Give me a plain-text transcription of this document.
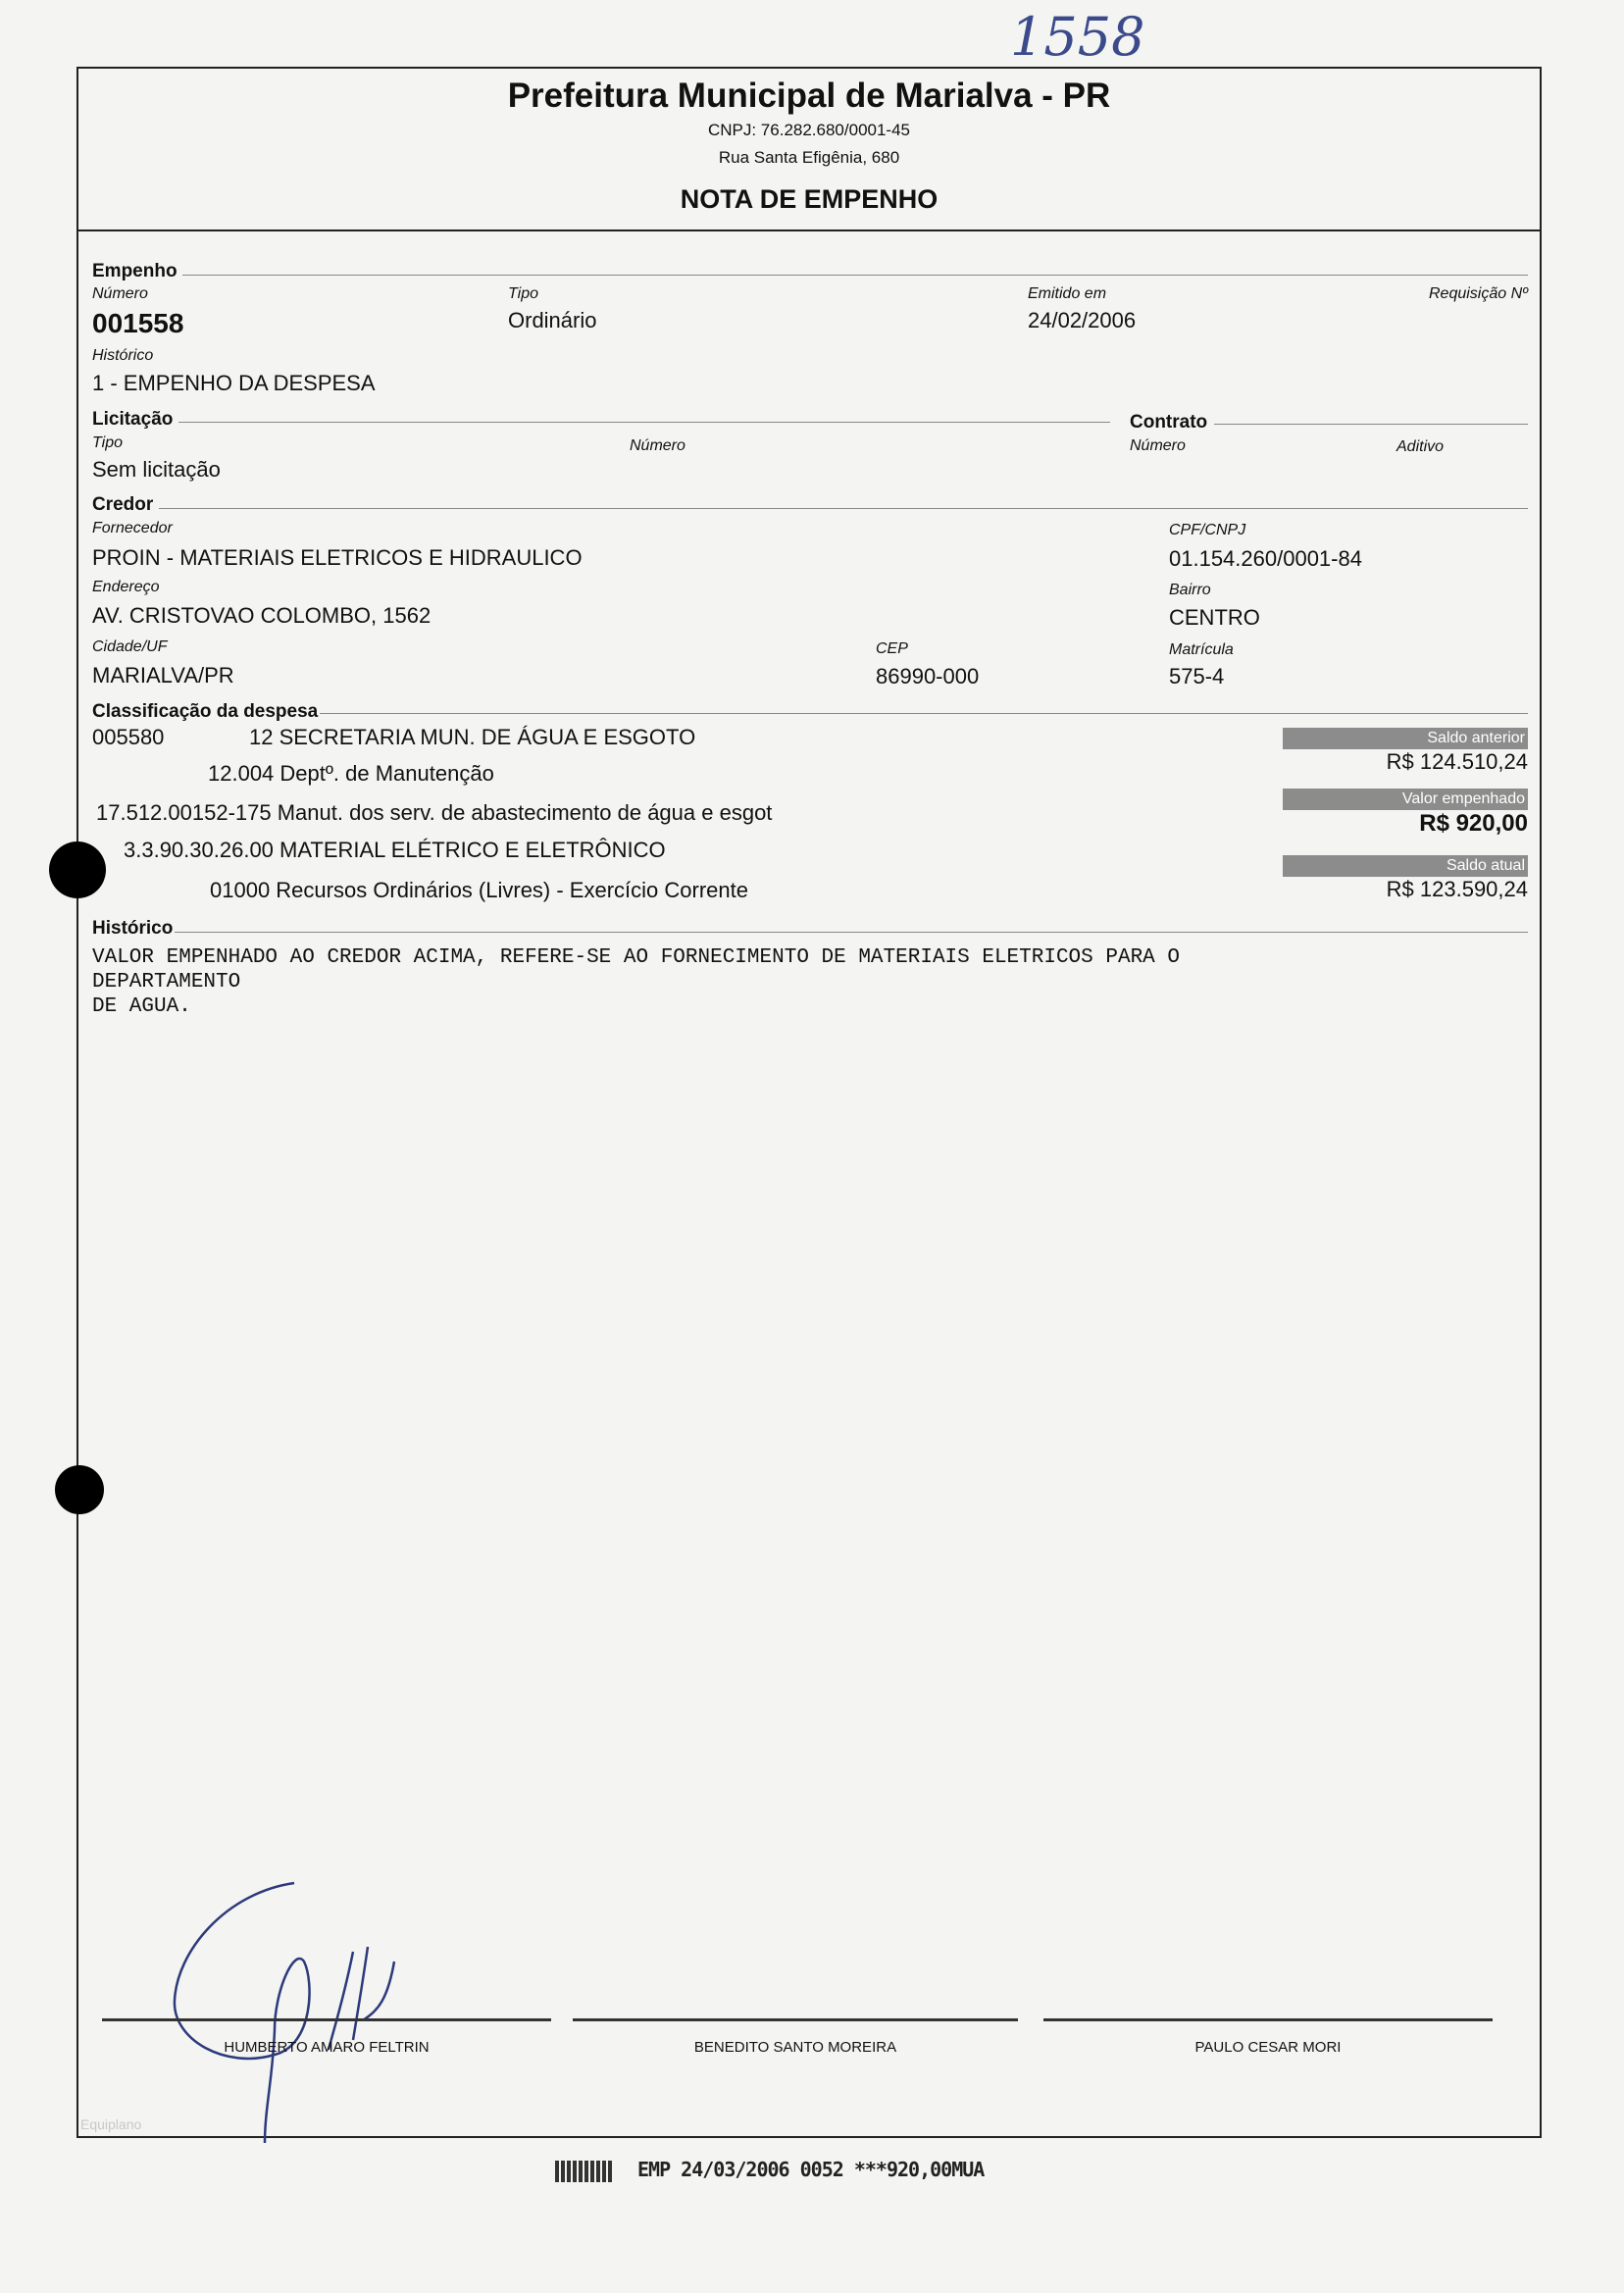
1558
Prefeitura Municipal de Marialva - PR
CNPJ: 76.282.680/0001-45
Rua Santa Efigênia, 680
NOTA DE EMPENHO
Empenho
Número
001558
Tipo
Ordinário
Emitido em
24/02/2006
Requisição Nº
Histórico
1 - EMPENHO DA DESPESA
Licitação	Contrato
Tipo
Sem licitação
Número	Número	Aditivo
Credor
Fornecedor
PROIN - MATERIAIS ELETRICOS E HIDRAULICO
CPF/CNPJ
01.154.260/0001-84
Endereço
AV. CRISTOVAO COLOMBO, 1562
Bairro
CENTRO
Cidade/UF
MARIALVA/PR
CEP
86990-000
Matrícula
575-4
Classificação da despesa
005580	12 SECRETARIA MUN. DE ÁGUA E ESGOTO
12.004 Deptº. de Manutenção
17.512.00152-175 Manut. dos serv. de abastecimento de água e esgot
3.3.90.30.26.00 MATERIAL ELÉTRICO E ELETRÔNICO
01000 Recursos Ordinários (Livres) - Exercício Corrente
Saldo anterior
R$ 124.510,24
Valor empenhado
R$ 920,00
Saldo atual
R$ 123.590,24
Histórico
VALOR EMPENHADO AO CREDOR ACIMA, REFERE-SE AO FORNECIMENTO DE MATERIAIS ELETRICOS PARA O
DEPARTAMENTO
DE AGUA.
HUMBERTO AMARO FELTRIN	BENEDITO SANTO MOREIRA	PAULO CESAR MORI
Equiplano
EMP 24/03/2006 0052 ***920,00MUA
